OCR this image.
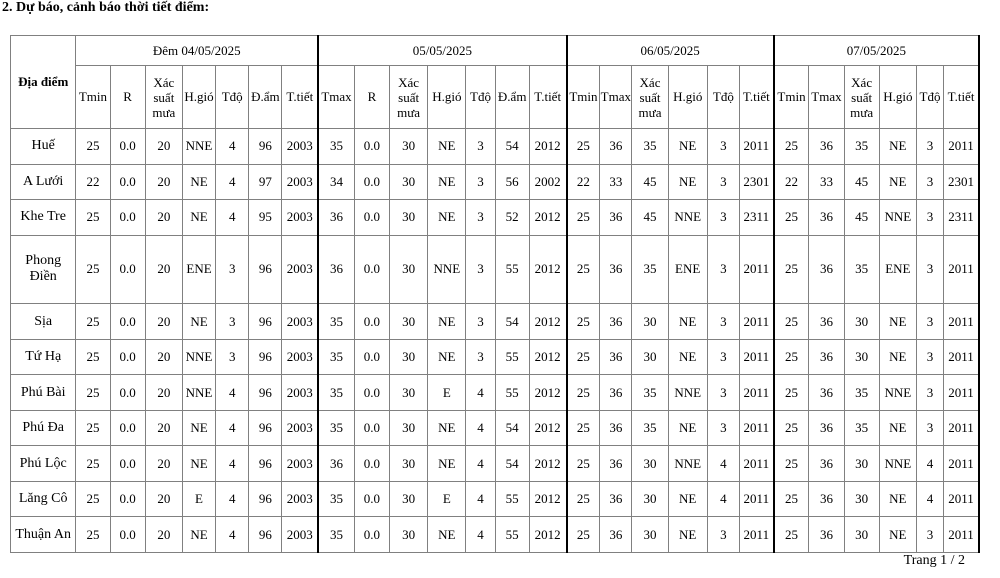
2. Dự báo, cảnh báo thời tiết điểm:
Địa điểm	Đêm 04/05/2025							05/05/2025							06/05/2025						07/05/2025					
	Tmin	R	Xác suất mưa	H.gió	Tđộ	Đ.ẩm	T.tiết	Tmax	R	Xác suất mưa	H.gió	Tđộ	Đ.ẩm	T.tiết	Tmin	Tmax	Xác suất mưa	H.gió	Tđộ	T.tiết	Tmin	Tmax	Xác suất mưa	H.gió	Tđộ	T.tiết
Huế	25	0.0	20	NNE	4	96	2003	35	0.0	30	NE	3	54	2012	25	36	35	NE	3	2011	25	36	35	NE	3	2011
A Lưới	22	0.0	20	NE	4	97	2003	34	0.0	30	NE	3	56	2002	22	33	45	NE	3	2301	22	33	45	NE	3	2301
Khe Tre	25	0.0	20	NE	4	95	2003	36	0.0	30	NE	3	52	2012	25	36	45	NNE	3	2311	25	36	45	NNE	3	2311
Phong Điền	25	0.0	20	ENE	3	96	2003	36	0.0	30	NNE	3	55	2012	25	36	35	ENE	3	2011	25	36	35	ENE	3	2011
Sịa	25	0.0	20	NE	3	96	2003	35	0.0	30	NE	3	54	2012	25	36	30	NE	3	2011	25	36	30	NE	3	2011
Tứ Hạ	25	0.0	20	NNE	3	96	2003	35	0.0	30	NE	3	55	2012	25	36	30	NE	3	2011	25	36	30	NE	3	2011
Phú Bài	25	0.0	20	NNE	4	96	2003	35	0.0	30	E	4	55	2012	25	36	35	NNE	3	2011	25	36	35	NNE	3	2011
Phú Đa	25	0.0	20	NE	4	96	2003	35	0.0	30	NE	4	54	2012	25	36	35	NE	3	2011	25	36	35	NE	3	2011
Phú Lộc	25	0.0	20	NE	4	96	2003	36	0.0	30	NE	4	54	2012	25	36	30	NNE	4	2011	25	36	30	NNE	4	2011
Lăng Cô	25	0.0	20	E	4	96	2003	35	0.0	30	E	4	55	2012	25	36	30	NE	4	2011	25	36	30	NE	4	2011
Thuận An	25	0.0	20	NE	4	96	2003	35	0.0	30	NE	4	55	2012	25	36	30	NE	3	2011	25	36	30	NE	3	2011
Trang 1 / 2
